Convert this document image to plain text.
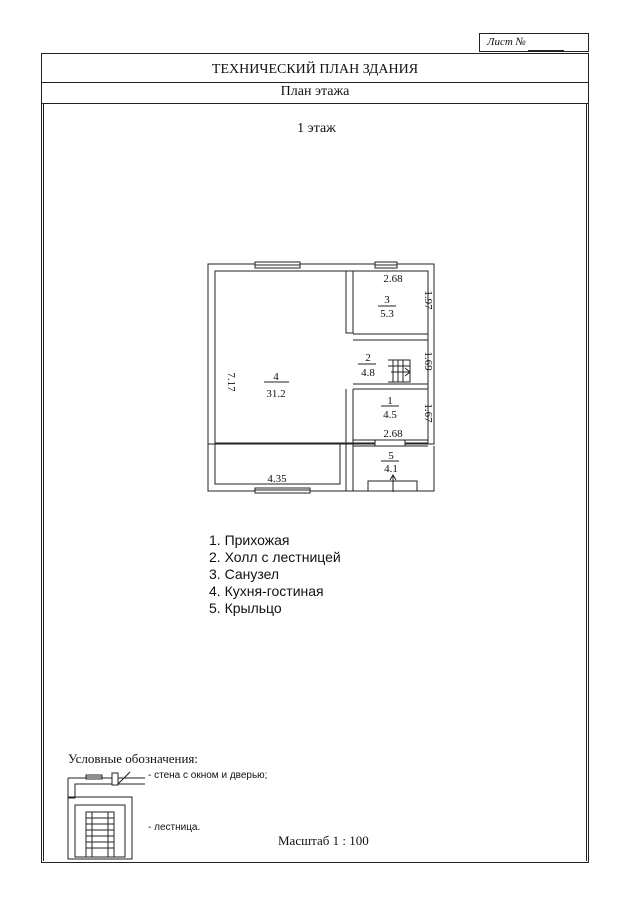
Лист №
ТЕХНИЧЕСКИЙ ПЛАН ЗДАНИЯ
План этажа
1 этаж
4
31.2
3
5.3
2
4.8
1
4.5
5
4.1
7.17
4.35
2.68
1.97
1.69
1.67
2.68
1. Прихожая
2. Холл с лестницей
3. Санузел
4. Кухня-гостиная
5. Крыльцо
Условные обозначения:
- стена с окном и дверью;
- лестница.
Масштаб 1 : 100
